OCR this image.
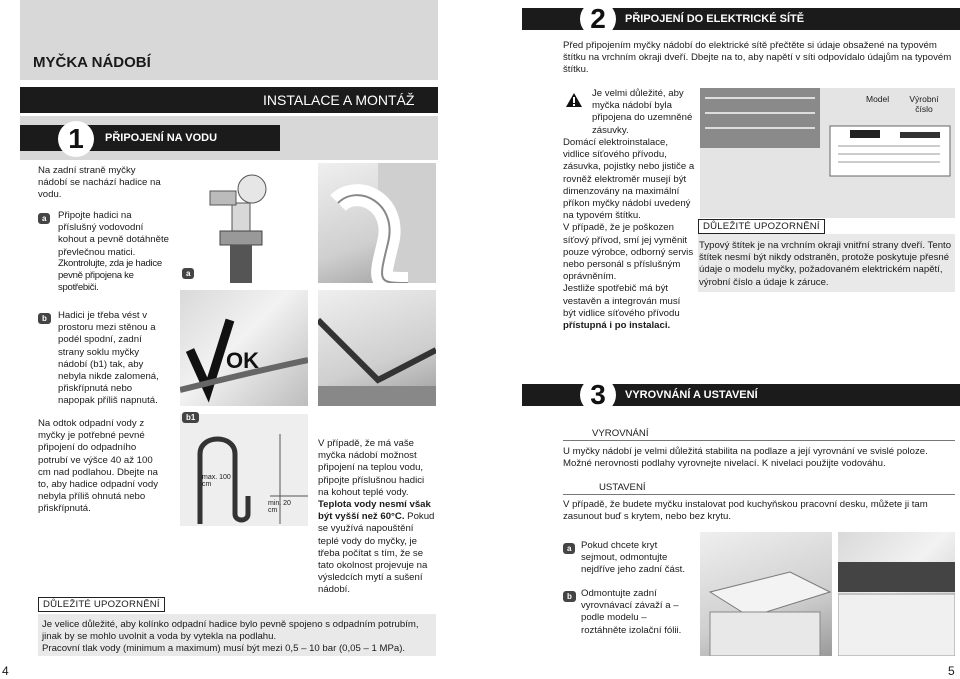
MYČKA NÁDOBÍ
INSTALACE A MONTÁŽ
1	PŘIPOJENÍ NA VODU
Na zadní straně myčky nádobí se nachází hadice na vodu.
a	Připojte hadici na příslušný vodovodní kohout a pevně dotáhněte převlečnou matici.
Zkontrolujte, zda je hadice pevně připojena ke spotřebiči.
b	Hadici je třeba vést v prostoru mezi stěnou a podél spodní, zadní strany soklu myčky nádobí (b1) tak, aby nebyla nikde zalomená, přiskřípnutá nebo napopak příliš napnutá.
Na odtok odpadní vody z myčky je potřebné pevné připojení do odpadního potrubí ve výšce 40 až 100 cm nad podlahou. Dbejte na to, aby hadice odpadní vody nebyla příliš ohnutá nebo přiskřípnutá.
a
OK
b1
max. 100 cm
min. 20 cm
V případě, že má vaše myčka nádobí možnost připojení na teplou vodu, připojte příslušnou hadici na kohout teplé vody. Teplota vody nesmí však být vyšší než 60°C. Pokud se využívá napouštění teplé vody do myčky, je třeba počítat s tím, že se tato okolnost projevuje na výsledcích mytí a sušení nádobí.
DŮLEŽITÉ UPOZORNĚNÍ
Je velice důležité, aby kolínko odpadní hadice bylo pevně spojeno s odpadním potrubím,
jinak by se mohlo uvolnit a voda by vytekla na podlahu.
Pracovní tlak vody (minimum a maximum) musí být mezi 0,5 – 10 bar (0,05 – 1 MPa).
4
2	PŘIPOJENÍ DO ELEKTRICKÉ SÍTĚ
Před připojením myčky nádobí do elektrické sítě přečtěte si údaje obsažené na typovém štítku na vrchním okraji dveří. Dbejte na to, aby napětí v síti odpovídalo údajům na typovém štítku.
Je velmi důležité, aby myčka nádobí byla připojena do uzemněné zásuvky.
Domácí elektroinstalace, vidlice síťového přívodu, zásuvka, pojistky nebo jističe a rovněž elektroměr musejí být dimenzovány na maximální příkon myčky nádobí uvedený na typovém štítku.
V případě, že je poškozen síťový přívod, smí jej vyměnit pouze výrobce, odborný servis nebo personál s příslušným oprávněním.
Jestliže spotřebič má být vestavěn a integrován musí být vidlice síťového přívodu přístupná i po instalaci.
Model	Výrobní číslo
DŮLEŽITÉ UPOZORNĚNÍ
Typový štítek je na vrchním okraji vnitřní strany dveří. Tento štítek nesmí být nikdy odstraněn, protože poskytuje přesné údaje o modelu myčky, požadovaném elektrickém napětí, výrobní číslo a údaje k záruce.
3	VYROVNÁNÍ A USTAVENÍ
VYROVNÁNÍ
U myčky nádobí je velmi důležitá stabilita na podlaze a její vyrovnání ve svislé poloze. Možné nerovnosti podlahy vyrovnejte nivelací. K nivelaci použijte vodováhu.
USTAVENÍ
V případě, že budete myčku instalovat pod kuchyňskou pracovní desku, můžete ji tam zasunout buď s krytem, nebo bez krytu.
a Pokud chcete kryt sejmout, odmontujte nejdříve jeho zadní část.
b Odmontujte zadní vyrovnávací závaží a – podle modelu – roztáhněte izolační fólii.
5
